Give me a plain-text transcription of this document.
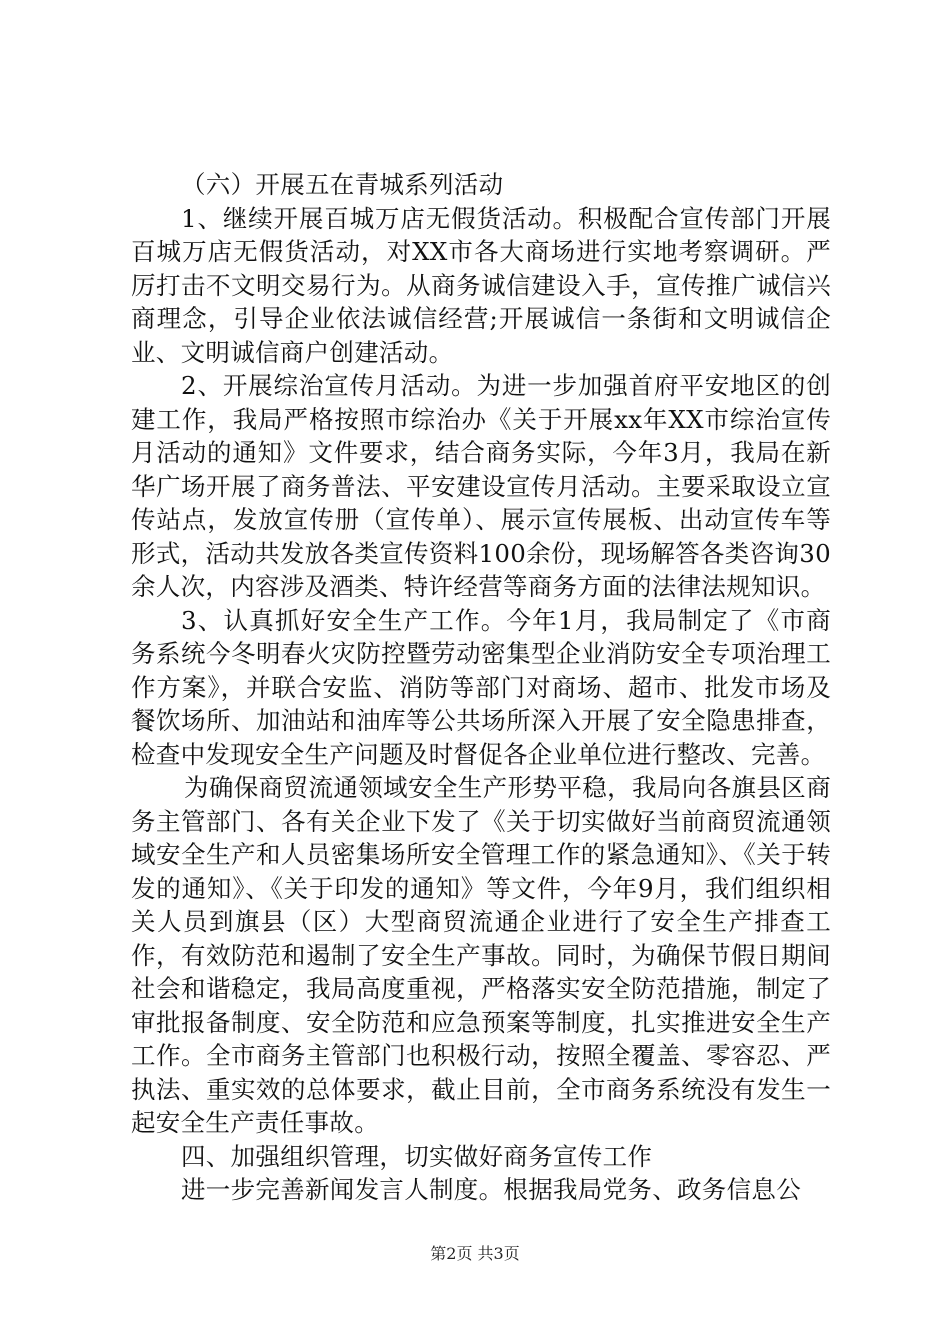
（六）开展五在青城系列活动

1、继续开展百城万店无假货活动。积极配合宣传部门开展百城万店无假货活动，对XX市各大商场进行实地考察调研。严厉打击不文明交易行为。从商务诚信建设入手，宣传推广诚信兴商理念，引导企业依法诚信经营;开展诚信一条街和文明诚信企业、文明诚信商户创建活动。

2、开展综治宣传月活动。为进一步加强首府平安地区的创建工作，我局严格按照市综治办《关于开展xx年XX市综治宣传月活动的通知》文件要求，结合商务实际，今年3月，我局在新华广场开展了商务普法、平安建设宣传月活动。主要采取设立宣传站点，发放宣传册（宣传单）、展示宣传展板、出动宣传车等形式，活动共发放各类宣传资料100余份，现场解答各类咨询30余人次，内容涉及酒类、特许经营等商务方面的法律法规知识。

3、认真抓好安全生产工作。今年1月，我局制定了《市商务系统今冬明春火灾防控暨劳动密集型企业消防安全专项治理工作方案》，并联合安监、消防等部门对商场、超市、批发市场及餐饮场所、加油站和油库等公共场所深入开展了安全隐患排查，检查中发现安全生产问题及时督促各企业单位进行整改、完善。

为确保商贸流通领域安全生产形势平稳，我局向各旗县区商务主管部门、各有关企业下发了《关于切实做好当前商贸流通领域安全生产和人员密集场所安全管理工作的紧急通知》、《关于转发的通知》、《关于印发的通知》等文件，今年9月，我们组织相关人员到旗县（区）大型商贸流通企业进行了安全生产排查工作，有效防范和遏制了安全生产事故。同时，为确保节假日期间社会和谐稳定，我局高度重视，严格落实安全防范措施，制定了审批报备制度、安全防范和应急预案等制度，扎实推进安全生产工作。全市商务主管部门也积极行动，按照全覆盖、零容忍、严执法、重实效的总体要求，截止目前，全市商务系统没有发生一起安全生产责任事故。

四、加强组织管理，切实做好商务宣传工作

进一步完善新闻发言人制度。根据我局党务、政务信息公

第2页 共3页
